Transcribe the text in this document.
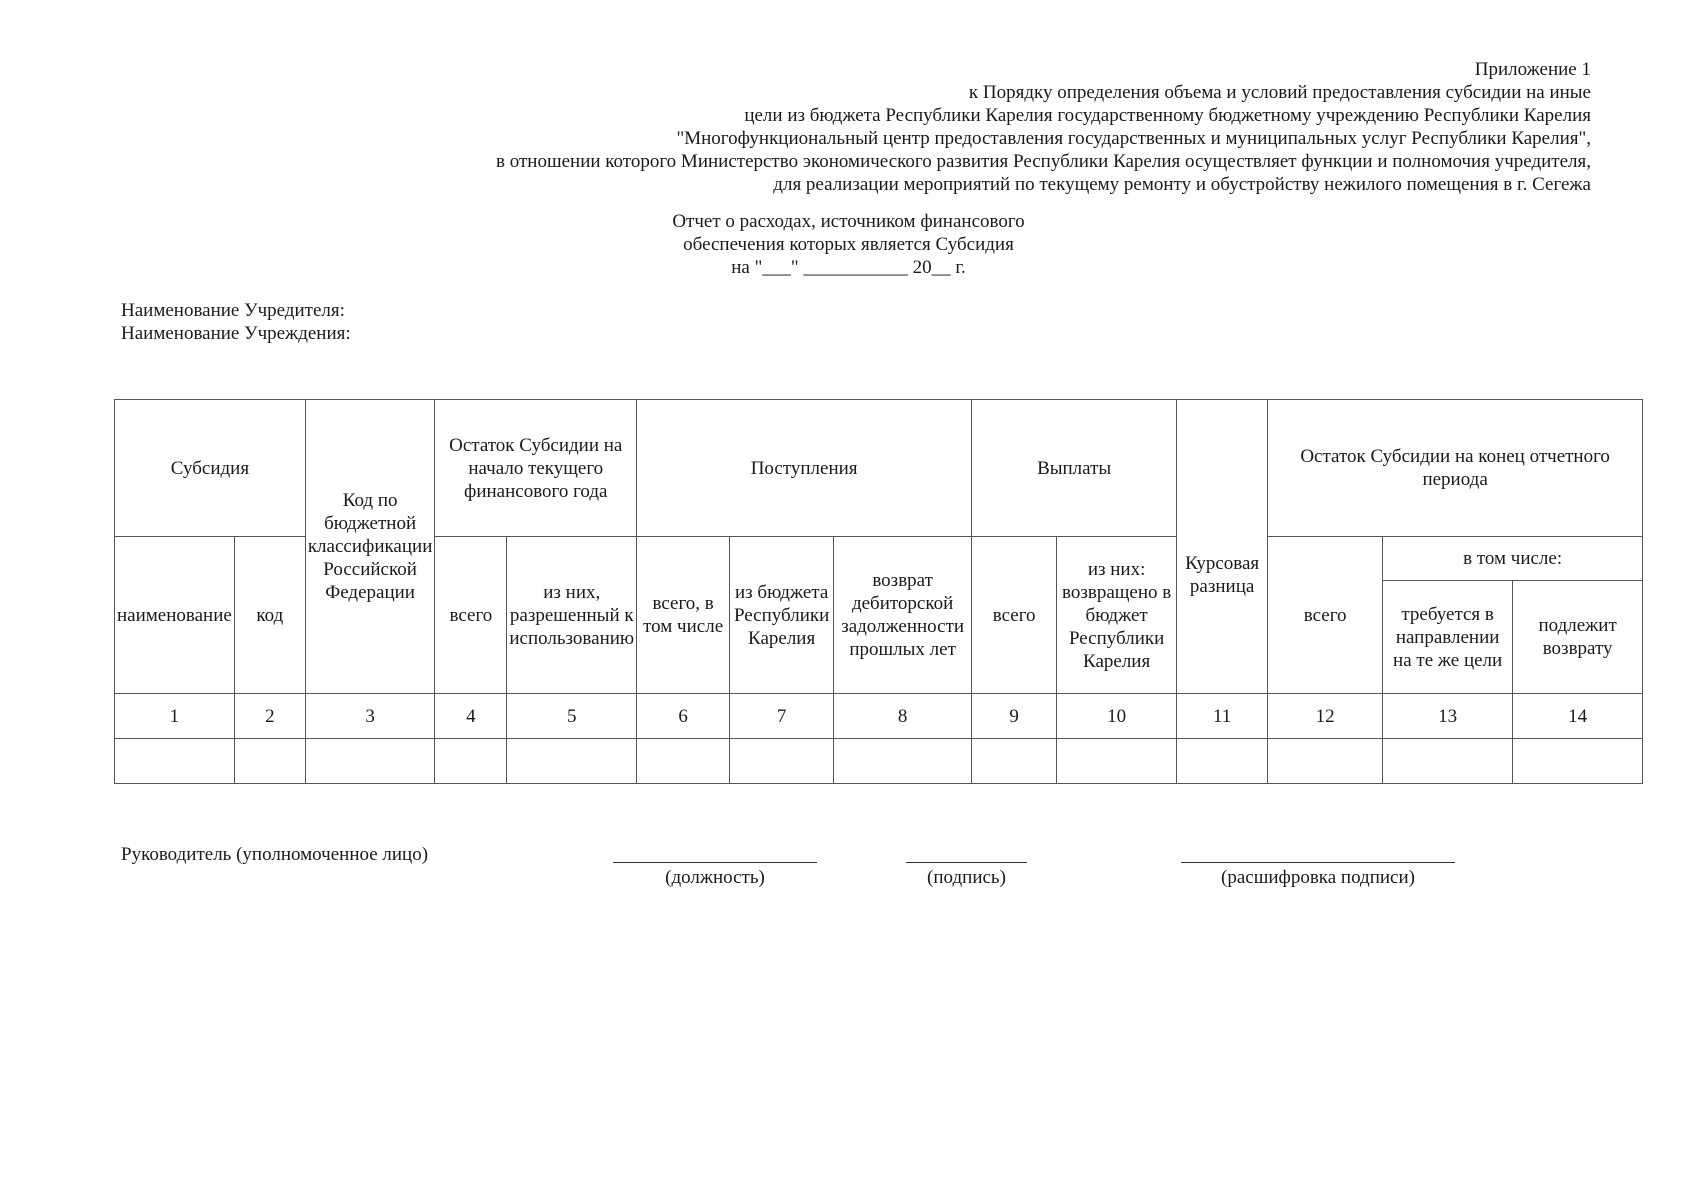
Приложение 1
к Порядку определения объема и условий предоставления субсидии на иные
цели из бюджета Республики Карелия государственному бюджетному учреждению Республики Карелия
"Многофункциональный центр предоставления государственных и муниципальных услуг Республики Карелия",
в отношении которого Министерство экономического развития Республики Карелия осуществляет функции и полномочия учредителя,
для реализации мероприятий по текущему ремонту и обустройству нежилого помещения в г. Сегежа
Отчет о расходах, источником финансового
обеспечения которых является Субсидия
на "___" ___________ 20__ г.
Наименование Учредителя:
Наименование Учреждения:
Субсидия		Код по бюджетной классификации Российской Федерации	Остаток Субсидии на начало текущего финансового года		Поступления			Выплаты		Курсовая разница	Остаток Субсидии на конец отчетного периода		
наименование	код		всего	из них, разрешенный к использованию	всего, в том числе	из бюджета Республики Карелия	возврат дебиторской задолженности прошлых лет	всего	из них: возвращено в бюджет Республики Карелия		всего	в том числе:	
												требуется в направлении на те же цели	подлежит возврату
1	2	3	4	5	6	7	8	9	10	11	12	13	14

Руководитель (уполномоченное лицо)
(должность)	(подпись)	(расшифровка подписи)
